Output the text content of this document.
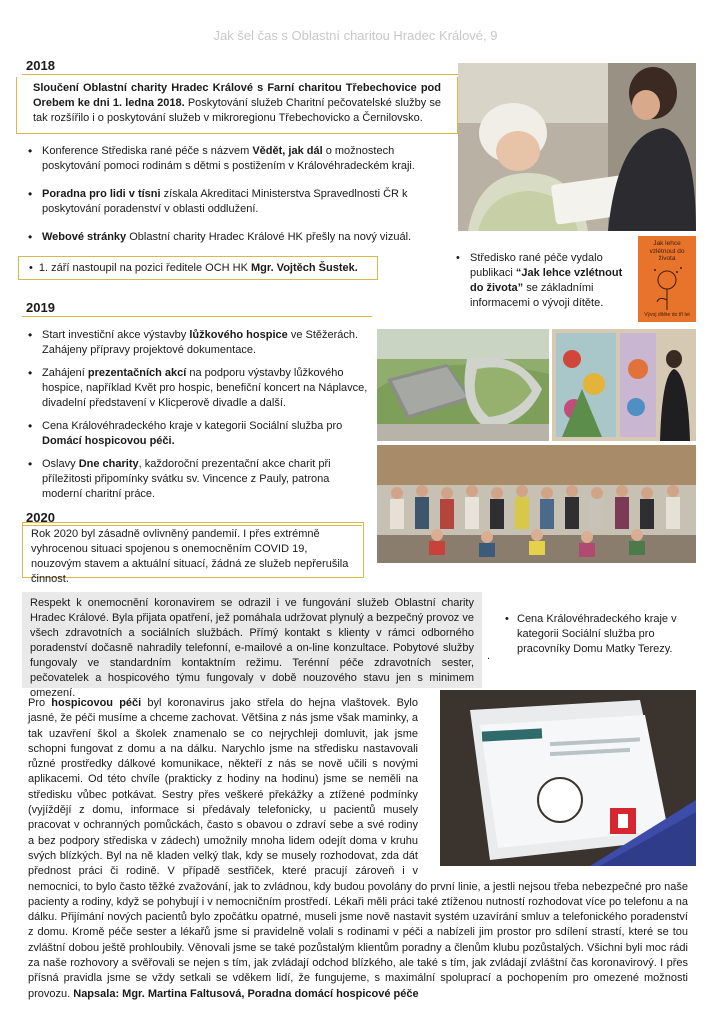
Jak šel čas s Oblastní charitou Hradec Králové, 9
2018
Sloučení Oblastní charity Hradec Králové s Farní charitou Třebechovice pod Orebem ke dni 1. ledna 2018. Poskytování služeb Charitní pečovatelské služby se tak rozšířilo i o poskytování služeb v mikroregionu Třebechovicko a Černilovsko.
• Konference Střediska rané péče s názvem Vědět, jak dál o možnostech poskytování pomoci rodinám s dětmi s postižením v Královéhradeckém kraji.
• Poradna pro lidi v tísni získala Akreditaci Ministerstva Spravedlnosti ČR k poskytování poradenství v oblasti oddlužení.
• Webové stránky Oblastní charity Hradec Králové HK přešly na nový vizuál.
• 1. září nastoupil na pozici ředitele OCH HK Mgr. Vojtěch Šustek.
• Středisko rané péče vydalo publikaci “Jak lehce vzlétnout do života” se základními informacemi o vývoji dítěte.
Jak lehce vzlétnout do života
Vývoj dítěte do tří let
2019
• Start investiční akce výstavby lůžkového hospice ve Stěžerách. Zahájeny přípravy projektové dokumentace.
• Zahájení prezentačních akcí na podporu výstavby lůžkového hospice, například Květ pro hospic, benefiční koncert na Náplavce, divadelní představení v Klicperově divadle a další.
• Cena Královéhradeckého kraje v kategorii Sociální služba pro Domácí hospicovou péči.
• Oslavy Dne charity, každoroční prezentační akce charit při příležitosti připomínky svátku sv. Vincence z Pauly, patrona moderní charitní práce.
2020
Rok 2020 byl zásadně ovlivněný pandemií. I přes extrémně vyhrocenou situaci spojenou s onemocněním COVID 19, nouzovým stavem a aktuální situací, žádná ze služeb nepřerušila činnost.
Respekt k onemocnění koronavirem se odrazil i ve fungování služeb Oblastní charity Hradec Králové. Byla přijata opatření, jež pomáhala udržovat plynulý a bezpečný provoz ve všech zdravotních a sociálních službách. Přímý kontakt s klienty v rámci odborného poradenství dočasně nahradily telefonní, e-mailové a on-line konzultace. Pobytové služby fungovaly ve standardním kontaktním režimu. Terénní péče zdravotních sester, pečovatelek a hospicového týmu fungovaly v době nouzového stavu jen s minimem omezení.
.
• Cena Královéhradeckého kraje v kategorii Sociální služba pro pracovníky Domu Matky Terezy.
Pro hospicovou péči byl koronavirus jako střela do hejna vlaštovek. Bylo jasné, že péči musíme a chceme zachovat. Většina z nás jsme však maminky, a tak uzavření škol a školek znamenalo se co nejrychleji domluvit, jak jsme schopni fungovat z domu a na dálku. Narychlo jsme na středisku nastavovali různé prostředky dálkové komunikace, někteří z nás se nově učili s novými aplikacemi. Od této chvíle (prakticky z hodiny na hodinu) jsme se neměli na středisku vůbec potkávat. Sestry přes veškeré překážky a ztížené podmínky (vyjíždějí z domu, informace si předávaly telefonicky, u pacientů musely pracovat v ochranných pomůckách, často s obavou o zdraví sebe a své rodiny a bez podpory střediska v zádech) umožnily mnoha lidem odejít doma v kruhu svých blízkých. Byl na ně kladen velký tlak, kdy se musely rozhodovat, zda dát přednost práci či rodině. V případě sestřiček, které pracují zároveň i v nemocnici, to bylo často těžké zvažování, jak to zvládnou, kdy budou povolány do první linie, a jestli nejsou třeba nebezpečné pro naše pacienty a rodiny, když se pohybují i v nemocničním prostředí. Lékaři měli práci také ztíženou nutností rozhodovat více po telefonu a na dálku. Přijímání nových pacientů bylo zpočátku opatrné, museli jsme nově nastavit systém uzavírání smluv a telefonického poradenství z domu. Kromě péče sester a lékařů jsme si pravidelně volali s rodinami v péči a nabízeli jim prostor pro sdílení strastí, které se tou zvláštní dobou ještě prohloubily. Věnovali jsme se také pozůstalým klientům poradny a členům klubu pozůstalých. Všichni byli moc rádi za naše rozhovory a svěřovali se nejen s tím, jak zvládají odchod blízkého, ale také s tím, jak zvládají zvláštní čas koronavirový. I přes přísná pravidla jsme se vždy setkali se vděkem lidí, že fungujeme, s maximální spoluprací a pochopením pro omezené možnosti provozu. Napsala: Mgr. Martina Faltusová, Poradna domácí hospicové péče
